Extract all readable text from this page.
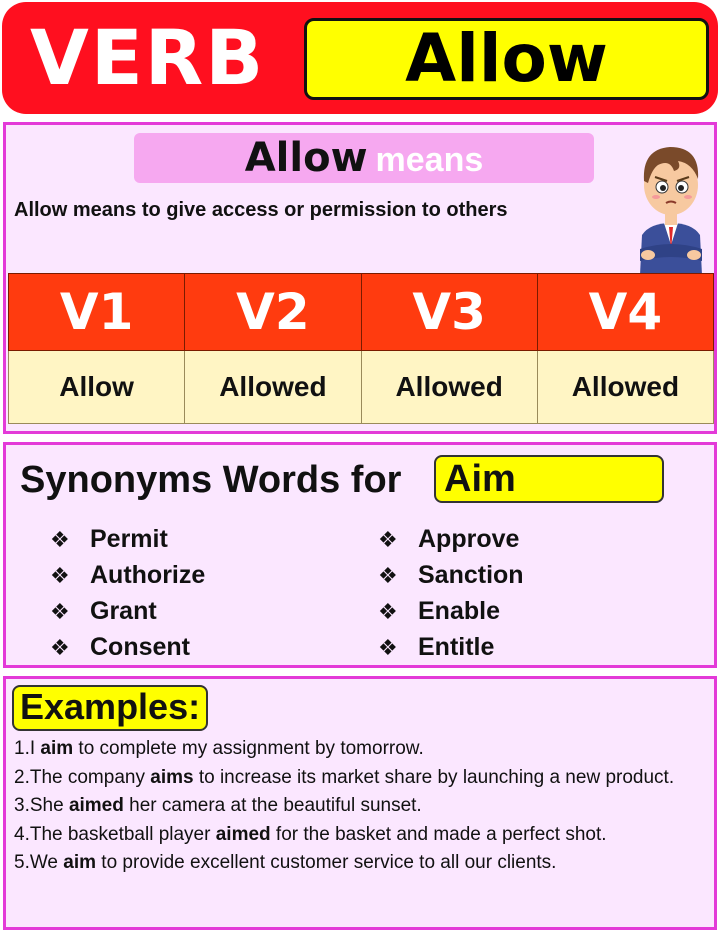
VERB	Allow
Allow means
Allow means to give access or permission to others
V1	V2	V3	V4
Allow	Allowed	Allowed	Allowed
Synonyms Words for Aim
❖ Permit
❖ Authorize
❖ Grant
❖ Consent
❖ Approve
❖ Sanction
❖ Enable
❖ Entitle
Examples:
1.I aim to complete my assignment by tomorrow.
2.The company aims to increase its market share by launching a new product.
3.She aimed her camera at the beautiful sunset.
4.The basketball player aimed for the basket and made a perfect shot.
5.We aim to provide excellent customer service to all our clients.
